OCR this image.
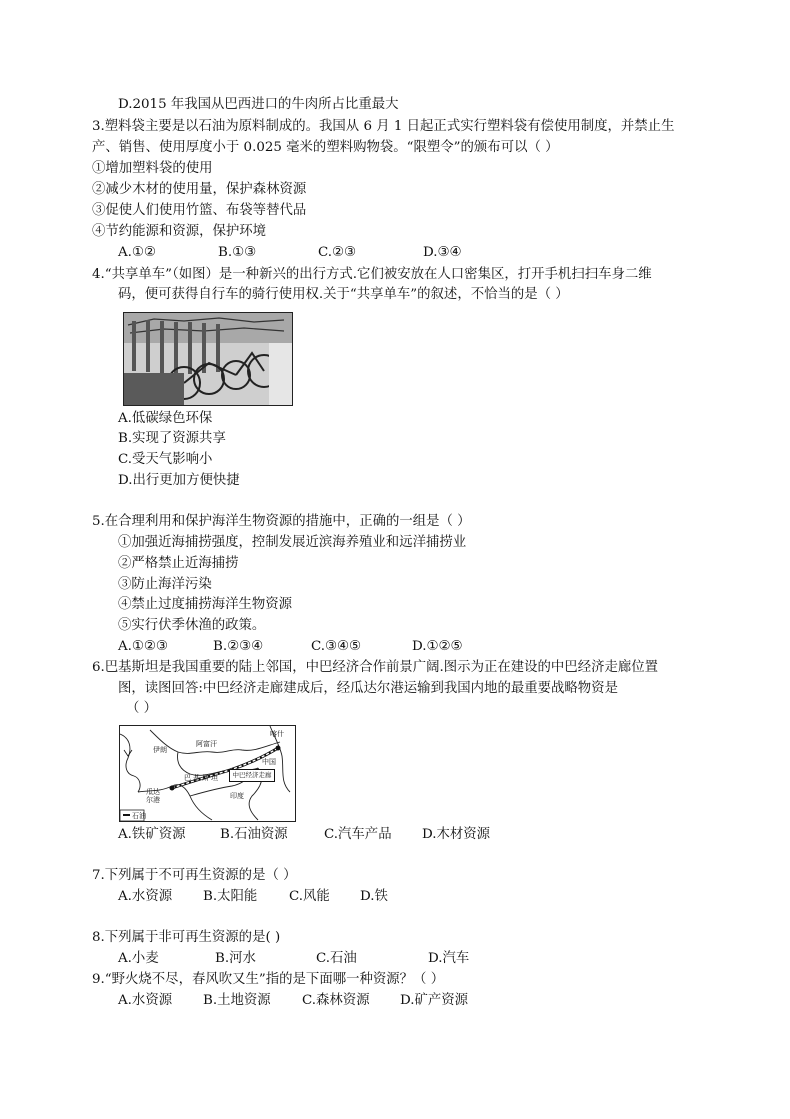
D.2015 年我国从巴西进口的牛肉所占比重最大
3.塑料袋主要是以石油为原料制成的。我国从 6 月 1 日起正式实行塑料袋有偿使用制度，并禁止生
产、销售、使用厚度小于 0.025 毫米的塑料购物袋。“限塑令”的颁布可以（ ）
①增加塑料袋的使用
②减少木材的使用量，保护森林资源
③促使人们使用竹篮、布袋等替代品
④节约能源和资源，保护环境
A.①②	B.①③	C.②③	D.③④
4.“共享单车”（如图）是一种新兴的出行方式.它们被安放在人口密集区，打开手机扫扫车身二维
码，便可获得自行车的骑行使用权.关于“共享单车”的叙述，不恰当的是（ ）
A.低碳绿色环保
B.实现了资源共享
C.受天气影响小
D.出行更加方便快捷
5.在合理利用和保护海洋生物资源的措施中，正确的一组是（ ）
①加强近海捕捞强度，控制发展近滨海养殖业和远洋捕捞业
②严格禁止近海捕捞
③防止海洋污染
④禁止过度捕捞海洋生物资源
⑤实行伏季休渔的政策。
A.①②③	B.②③④	C.③④⑤	D.①②⑤
6.巴基斯坦是我国重要的陆上邻国，中巴经济合作前景广阔.图示为正在建设的中巴经济走廊位置
图，读图回答:中巴经济走廊建成后，经瓜达尔港运输到我国内地的最重要战略物资是
（ ）
伊朗
阿富汗
喀什
中国
巴基斯坦
瓜达尔港	印度
石油
中巴经济走廊
A.铁矿资源	B.石油资源	C.汽车产品 D.木材资源
7.下列属于不可再生资源的是（ ）
A.水资源 B.太阳能 C.风能 D.铁
8.下列属于非可再生资源的是( )
A.小麦	B.河水	C.石油	D.汽车
9.“野火烧不尽，春风吹又生”指的是下面哪一种资源？（ ）
A.水资源 B.土地资源 C.森林资源 D.矿产资源
